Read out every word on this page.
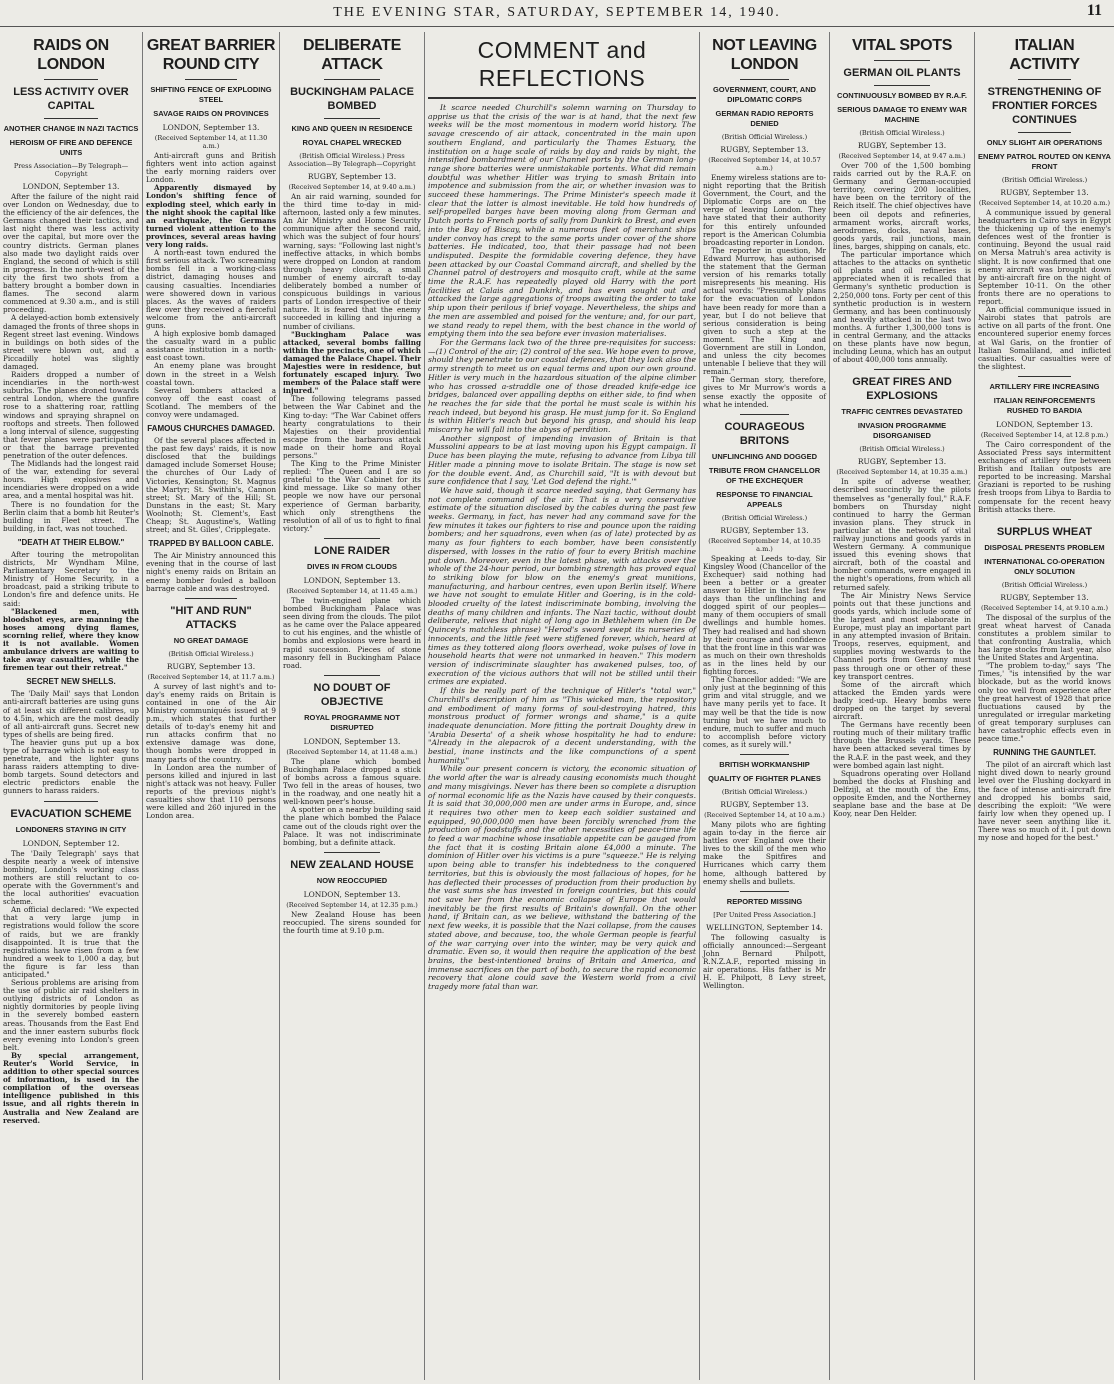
THE EVENING STAR, SATURDAY, SEPTEMBER 14, 1940.	11
RAIDS ON LONDON
LESS ACTIVITY OVER CAPITAL
ANOTHER CHANGE IN NAZI TACTICS
HEROISM OF FIRE AND DEFENCE UNITS
Press Association—By Telegraph—Copyright
LONDON, September 13.

After the failure of the night raid over London on Wednesday, due to the efficiency of the air defences, the Germans changed their tactics, and last night there was less activity over the capital, but more over the country districts. German planes also made two daylight raids over England, the second of which is still in progress. In the north-west of the city the first two shots from a battery brought a bomber down in flames. The second alarm commenced at 9.30 a.m., and is still proceeding.

A delayed-action bomb extensively damaged the fronts of three shops in Regent street last evening. Windows in buildings on both sides of the street were blown out, and a Piccadilly hotel was slightly damaged.

Raiders dropped a number of incendiaries in the north-west suburbs. The planes droned towards central London, where the gunfire rose to a shattering roar, rattling windows and spraying shrapnel on rooftops and streets. Then followed a long interval of silence, suggesting that fewer planes were participating or that the barrage prevented penetration of the outer defences.

The Midlands had the longest raid of the war, extending for several hours. High explosives and incendiaries were dropped on a wide area, and a mental hospital was hit.

There is no foundation for the Berlin claim that a bomb hit Reuter's building in Fleet street. The building, in fact, was not touched.

"DEATH AT THEIR ELBOW."

After touring the metropolitan districts, Mr Wyndham Milne, Parliamentary Secretary to the Ministry of Home Security, in a broadcast, paid a striking tribute to London's fire and defence units. He said:

"Blackened men, with bloodshot eyes, are manning the hoses among dying flames, scorning relief, where they know it is not available. Women ambulance drivers are waiting to take away casualties, while the firemen tear out their retreat."

SECRET NEW SHELLS.

The 'Daily Mail' says that London anti-aircraft batteries are using guns of at least six different calibres, up to 4.5in, which are the most deadly of all anti-aircraft guns. Secret new types of shells are being fired.

The heavier guns put up a box type of barrage which is not easy to penetrate, and the lighter guns harass raiders attempting to dive-bomb targets. Sound detectors and electric predictors enable the gunners to harass raiders.

EVACUATION SCHEME
LONDONERS STAYING IN CITY
LONDON, September 12.

The 'Daily Telegraph' says that despite nearly a week of intensive bombing, London's working class mothers are still reluctant to co-operate with the Government's and the local authorities' evacuation scheme.

An official declared: "We expected that a very large jump in registrations would follow the score of raids, but we are frankly disappointed. It is true that the registrations have risen from a few hundred a week to 1,000 a day, but the figure is far less than anticipated."

Serious problems are arising from the use of public air raid shelters in outlying districts of London as nightly dormitories by people living in the severely bombed eastern areas. Thousands from the East End and the inner eastern suburbs flock every evening into London's green belt.

By special arrangement, Reuter's World Service, in addition to other special sources of information, is used in the compilation of the overseas intelligence published in this issue, and all rights therein in Australia and New Zealand are reserved.

GREAT BARRIER ROUND CITY
SHIFTING FENCE OF EXPLODING STEEL
SAVAGE RAIDS ON PROVINCES
LONDON, September 13.
(Received September 14, at 11.30 a.m.)

Anti-aircraft guns and British fighters went into action against the early morning raiders over London.

Apparently dismayed by London's shifting fence of exploding steel, which early in the night shook the capital like an earthquake, the Germans turned violent attention to the provinces, several areas having very long raids.

A north-east town endured the first serious attack. Two screaming bombs fell in a working-class district, damaging houses and causing casualties. Incendiaries were showered down in various places. As the waves of raiders flew over they received a fierceful welcome from the anti-aircraft guns.

A high explosive bomb damaged the casualty ward in a public assistance institution in a north-east coast town.

An enemy plane was brought down in the street in a Welsh coastal town.

Several bombers attacked a convoy off the east coast of Scotland. The members of the convoy were undamaged.

FAMOUS CHURCHES DAMAGED.

Of the several places affected in the past few days' raids, it is now disclosed that the buildings damaged include Somerset House; the churches of Our Lady of Victories, Kensington; St. Magnus the Martyr; St. Swithin's, Cannon street; St. Mary of the Hill; St. Dunstans in the east; St. Mary Woolnoth; St. Clement's, East Cheap; St. Augustine's, Watling street; and St. Giles', Cripplegate.

TRAPPED BY BALLOON CABLE.

The Air Ministry announced this evening that in the course of last night's enemy raids on Britain an enemy bomber fouled a balloon barrage cable and was destroyed.

"HIT AND RUN" ATTACKS
NO GREAT DAMAGE
(British Official Wireless.)
RUGBY, September 13.
(Received September 14, at 11.7 a.m.)

A survey of last night's and to-day's enemy raids on Britain is contained in one of the Air Ministry communiqués issued at 9 p.m., which states that further details of to-day's enemy hit and run attacks confirm that no extensive damage was done, though bombs were dropped in many parts of the country.

In London area the number of persons killed and injured in last night's attack was not heavy. Fuller reports of the previous night's casualties show that 110 persons were killed and 260 injured in the London area.

DELIBERATE ATTACK
BUCKINGHAM PALACE BOMBED
KING AND QUEEN IN RESIDENCE
ROYAL CHAPEL WRECKED
(British Official Wireless.) Press Association—By Telegraph—Copyright
RUGBY, September 13.
(Received September 14, at 9.40 a.m.)

An air raid warning, sounded for the third time to-day in mid-afternoon, lasted only a few minutes. An Air Ministry and Home Security communique after the second raid, which was the subject of four hours' warning, says: "Following last night's ineffective attacks, in which bombs were dropped on London at random through heavy clouds, a small number of enemy aircraft to-day deliberately bombed a number of conspicuous buildings in various parts of London irrespective of their nature. It is feared that the enemy succeeded in killing and injuring a number of civilians.

"Buckingham Palace was attacked, several bombs falling within the precincts, one of which damaged the Palace Chapel. Their Majesties were in residence, but fortunately escaped injury. Two members of the Palace staff were injured."

The following telegrams passed between the War Cabinet and the King to-day: "The War Cabinet offers hearty congratulations to their Majesties on their providential escape from the barbarous attack made on their home and Royal persons."

The King to the Prime Minister replied: "The Queen and I are so grateful to the War Cabinet for its kind message. Like so many other people we now have our personal experience of German barbarity, which only strengthens the resolution of all of us to fight to final victory."

LONE RAIDER
DIVES IN FROM CLOUDS
LONDON, September 13.
(Received September 14, at 11.45 a.m.)

The twin-engined plane which bombed Buckingham Palace was seen diving from the clouds. The pilot as he came over the Palace appeared to cut his engines, and the whistle of bombs and explosions were heard in rapid succession. Pieces of stone masonry fell in Buckingham Palace road.

NO DOUBT OF OBJECTIVE
ROYAL PROGRAMME NOT DISRUPTED
LONDON, September 13.
(Received September 14, at 11.48 a.m.)

The plane which bombed Buckingham Palace dropped a stick of bombs across a famous square. Two fell in the areas of houses, two in the roadway, and one neatly hit a well-known peer's house.

A spotter on a nearby building said the plane which bombed the Palace came out of the clouds right over the Palace. It was not indiscriminate bombing, but a definite attack.

NEW ZEALAND HOUSE
NOW REOCCUPIED
LONDON, September 13.
(Received September 14, at 12.35 p.m.)

New Zealand House has been reoccupied. The sirens sounded for the fourth time at 9.10 p.m.

COMMENT and REFLECTIONS

It scarce needed Churchill's solemn warning on Thursday to apprise us that the crisis of the war is at hand, that the next few weeks will be the most momentous in modern world history. The savage crescendo of air attack, concentrated in the main upon southern England, and particularly the Thames Estuary, the institution on a huge scale of raids by day and raids by night, the intensified bombardment of our Channel ports by the German long-range shore batteries were unmistakable portents. What did remain doubtful was whether Hitler was trying to smash Britain into impotence and submission from the air, or whether invasion was to succeed these hammerings. The Prime Minister's speech made it clear that the latter is almost inevitable. He told how hundreds of self-propelled barges have been moving along from German and Dutch ports to French ports of sally from Dunkirk to Brest, and even into the Bay of Biscay, while a numerous fleet of merchant ships under convoy has crept to the same ports under cover of the shore batteries. He indicated, too, that their passage had not been undisputed. Despite the formidable covering defence, they have been attacked by our Coastal Command aircraft, and shelled by the Channel patrol of destroyers and mosquito craft, while at the same time the R.A.F. has repeatedly played old Harry with the port facilities at Calais and Dunkirk, and has even sought out and attacked the large aggregations of troops awaiting the order to take ship upon their perilous if brief voyage. Nevertheless, the ships and the men are assembled and poised for the venture; and, for our part, we stand ready to repel them, with the best chance in the world of emptying them into the sea before ever invasion materialises.

For the Germans lack two of the three pre-requisites for success:—(1) Control of the air; (2) control of the sea. We hope even to prove, should they penetrate to our coastal defences, that they lack also the army strength to meet us on equal terms and upon our own ground. Hitler is very much in the hazardous situation of the alpine climber who has crossed a-straddle one of those dreaded knife-edge ice bridges, balanced over appalling depths on either side, to find when he reaches the far side that the portal he must scale is within his reach indeed, but beyond his grasp. He must jump for it. So England is within Hitler's reach but beyond his grasp, and should his leap miscarry he will fall into the abyss of perdition.

Another signpost of impending invasion of Britain is that Mussolini appears to be at last moving upon his Egypt campaign. Il Duce has been playing the mute, refusing to advance from Libya till Hitler made a pinning move to isolate Britain. The stage is now set for the double event. And, as Churchill said, "It is with devout but sure confidence that I say, 'Let God defend the right.'"

We have said, though it scarce needed saying, that Germany has not complete command of the air. That is a very conservative estimate of the situation disclosed by the cables during the past few weeks. Germany, in fact, has never had any command save for the few minutes it takes our fighters to rise and pounce upon the raiding bombers; and her squadrons, even when (as of late) protected by as many as four fighters to each bomber, have been consistently dispersed, with losses in the ratio of four to every British machine put down. Moreover, even in the latest phase, with attacks over the whole of the 24-hour period, our bombing strength has proved equal to striking blow for blow on the enemy's great munitions, manufacturing, and harbour centres, even upon Berlin itself. Where we have not sought to emulate Hitler and Goering, is in the cold-blooded cruelty of the latest indiscriminate bombing, involving the deaths of many children and infants. The Nazi tactic, without doubt deliberate, relives that night of long ago in Bethlehem when (in De Quincey's matchless phrase) "Herod's sword swept its nurseries of innocents, and the little feet were stiffened forever, which, heard at times as they tottered along floors overhead, woke pulses of love in household hearts that were not unmarked in heaven." This modern version of indiscriminate slaughter has awakened pulses, too, of execration of the vicious authors that will not be stilled until their crimes are expiated.

If this be really part of the technique of Hitler's "total war," Churchill's description of him as "This wicked man, the repository and embodiment of many forms of soul-destroying hatred, this monstrous product of former wrongs and shame," is a quite inadequate denunciation. More fitting the portrait Doughty drew in 'Arabia Deserta' of a sheik whose hospitality he had to endure: "Already in the alepacrok of a decent understanding, with the bestial, inane instincts and the like compunctions of a spent humanity."

While our present concern is victory, the economic situation of the world after the war is already causing economists much thought and many misgivings. Never has there been so complete a disruption of normal economic life as the Nazis have caused by their conquests. It is said that 30,000,000 men are under arms in Europe, and, since it requires two other men to keep each soldier sustained and equipped, 90,000,000 men have been forcibly wrenched from the production of foodstuffs and the other necessities of peace-time life to feed a war machine whose insatiable appetite can be gauged from the fact that it is costing Britain alone £4,000 a minute. The dominion of Hitler over his victims is a pure "squeeze." He is relying upon being able to transfer his indebtedness to the conquered territories, but this is obviously the most fallacious of hopes, for he has deflected their processes of production from their production by the vast sums she has invested in foreign countries, but this could not save her from the economic collapse of Europe that would inevitably be the first results of Britain's downfall. On the other hand, if Britain can, as we believe, withstand the battering of the next few weeks, it is possible that the Nazi collapse, from the causes stated above, and because, too, the whole German people is fearful of the war carrying over into the winter, may be very quick and dramatic. Even so, it would then require the application of the best brains, the best-intentioned brains of Britain and America, and immense sacrifices on the part of both, to secure the rapid economic recovery that alone could save the Western world from a civil tragedy more fatal than war.

NOT LEAVING LONDON
GOVERNMENT, COURT, AND DIPLOMATIC CORPS
GERMAN RADIO REPORTS DENIED
(British Official Wireless.)
RUGBY, September 13.
(Received September 14, at 10.57 a.m.)

Enemy wireless stations are to-night reporting that the British Government, the Court, and the Diplomatic Corps are on the verge of leaving London. They have stated that their authority for this entirely unfounded report is the American Columbia broadcasting reporter in London.

The reporter in question, Mr Edward Murrow, has authorised the statement that the German version of his remarks totally misrepresents his meaning. His actual words: "Presumably plans for the evacuation of London have been ready for more than a year, but I do not believe that serious consideration is being given to such a step at the moment. The King and Government are still in London, and unless the city becomes untenable I believe that they will remain."

The German story, therefore, gives to Mr Murrow's words a sense exactly the opposite of what he intended.

COURAGEOUS BRITONS
UNFLINCHING AND DOGGED
TRIBUTE FROM CHANCELLOR OF THE EXCHEQUER
RESPONSE TO FINANCIAL APPEALS
(British Official Wireless.)
RUGBY, September 13.
(Received September 14, at 10.35 a.m.)

Speaking at Leeds to-day, Sir Kingsley Wood (Chancellor of the Exchequer) said nothing had been a better or a greater answer to Hitler in the last few days than the unflinching and dogged spirit of our peoples—many of them occupiers of small dwellings and humble homes. They had realised and had shown by their courage and confidence that the front line in this war was as much on their own thresholds as in the lines held by our fighting forces.

The Chancellor added: "We are only just at the beginning of this grim and vital struggle, and we have many perils yet to face. It may well be that the tide is now turning but we have much to endure, much to suffer and much to accomplish before victory comes, as it surely will."

BRITISH WORKMANSHIP
QUALITY OF FIGHTER PLANES
(British Official Wireless.)
RUGBY, September 13.
(Received September 14, at 10 a.m.)

Many pilots who are fighting again to-day in the fierce air battles over England owe their lives to the skill of the men who make the Spitfires and Hurricanes which carry them home, although battered by enemy shells and bullets.

REPORTED MISSING
[Per United Press Association.]
WELLINGTON, September 14.

The following casualty is officially announced:—Sergeant John Bernard Philpott, R.N.Z.A.F., reported missing in air operations. His father is Mr H. E. Philpott, 8 Levy street, Wellington.

VITAL SPOTS
GERMAN OIL PLANTS
CONTINUOUSLY BOMBED BY R.A.F.
SERIOUS DAMAGE TO ENEMY WAR MACHINE
(British Official Wireless.)
RUGBY, September 13.
(Received September 14, at 9.47 a.m.)

Over 700 of the 1,500 bombing raids carried out by the R.A.F. on Germany and German-occupied territory, covering 200 localities, have been on the territory of the Reich itself. The chief objectives have been oil depots and refineries, armament works, aircraft works, aerodromes, docks, naval bases, goods yards, rail junctions, main lines, barges, shipping on canals, etc.

The particular importance which attaches to the attacks on synthetic oil plants and oil refineries is appreciated when it is recalled that Germany's synthetic production is 2,250,000 tons. Forty per cent of this synthetic production is in western Germany, and has been continuously and heavily attacked in the last two months. A further 1,300,000 tons is in central Germany, and the attacks on these plants have now begun, including Leuna, which has an output of about 400,000 tons annually.

GREAT FIRES AND EXPLOSIONS
TRAFFIC CENTRES DEVASTATED
INVASION PROGRAMME DISORGANISED
(British Official Wireless.)
RUGBY, September 13.
(Received September 14, at 10.35 a.m.)

In spite of adverse weather, described succinctly by the pilots themselves as "generally foul," R.A.F. bombers on Thursday night continued to harry the German invasion plans. They struck in particular at the network of vital railway junctions and goods yards in Western Germany. A communique issued this evening shows that aircraft, both of the coastal and bomber commands, were engaged in the night's operations, from which all returned safely.

The Air Ministry News Service points out that these junctions and goods yards, which include some of the largest and most elaborate in Europe, must play an important part in any attempted invasion of Britain. Troops, reserves, equipment, and supplies moving westwards to the Channel ports from Germany must pass through one or other of these key transport centres.

Some of the aircraft which attacked the Emden yards were badly iced-up. Heavy bombs were dropped on the target by several aircraft.

The Germans have recently been routing much of their military traffic through the Brussels yards. These have been attacked several times by the R.A.F. in the past week, and they were bombed again last night.

Squadrons operating over Holland bombed the docks at Flushing and Delfzijl, at the mouth of the Ems, opposite Emden, and the Northerney seaplane base and the base at De Kooy, near Den Helder.

ITALIAN ACTIVITY
STRENGTHENING OF FRONTIER FORCES CONTINUES
ONLY SLIGHT AIR OPERATIONS
ENEMY PATROL ROUTED ON KENYA FRONT
(British Official Wireless.)
RUGBY, September 13.
(Received September 14, at 10.20 a.m.)

A communique issued by general headquarters in Cairo says in Egypt the thickening up of the enemy's defences west of the frontier is continuing. Beyond the usual raid on Mersa Matruh's area activity is slight. It is now confirmed that one enemy aircraft was brought down by anti-aircraft fire on the night of September 10-11. On the other fronts there are no operations to report.

An official communique issued in Nairobi states that patrols are active on all parts of the front. One encountered superior enemy forces at Wal Garis, on the frontier of Italian Somaliland, and inflicted casualties. Our casualties were of the slightest.

ARTILLERY FIRE INCREASING
ITALIAN REINFORCEMENTS RUSHED TO BARDIA
LONDON, September 13.
(Received September 14, at 12.8 p.m.)

The Cairo correspondent of the Associated Press says intermittent exchanges of artillery fire between British and Italian outposts are reported to be increasing. Marshal Graziani is reported to be rushing fresh troops from Libya to Bardia to compensate for the recent heavy British attacks there.

SURPLUS WHEAT
DISPOSAL PRESENTS PROBLEM
INTERNATIONAL CO-OPERATION ONLY SOLUTION
(British Official Wireless.)
RUGBY, September 13.
(Received September 14, at 9.10 a.m.)

The disposal of the surplus of the great wheat harvest of Canada constitutes a problem similar to that confronting Australia, which has large stocks from last year, also the United States and Argentina.

"The problem to-day," says 'The Times,' "is intensified by the war blockade, but as the world knows only too well from experience after the great harvest of 1928 that price fluctuations caused by the unregulated or irregular marketing of great temporary surpluses can have catastrophic effects even in peace time."

RUNNING THE GAUNTLET.

The pilot of an aircraft which last night dived down to nearly ground level over the Flushing dockyard in the face of intense anti-aircraft fire and dropped his bombs said, describing the exploit: "We were fairly low when they opened up. I have never seen anything like it. There was so much of it. I put down my nose and hoped for the best."
